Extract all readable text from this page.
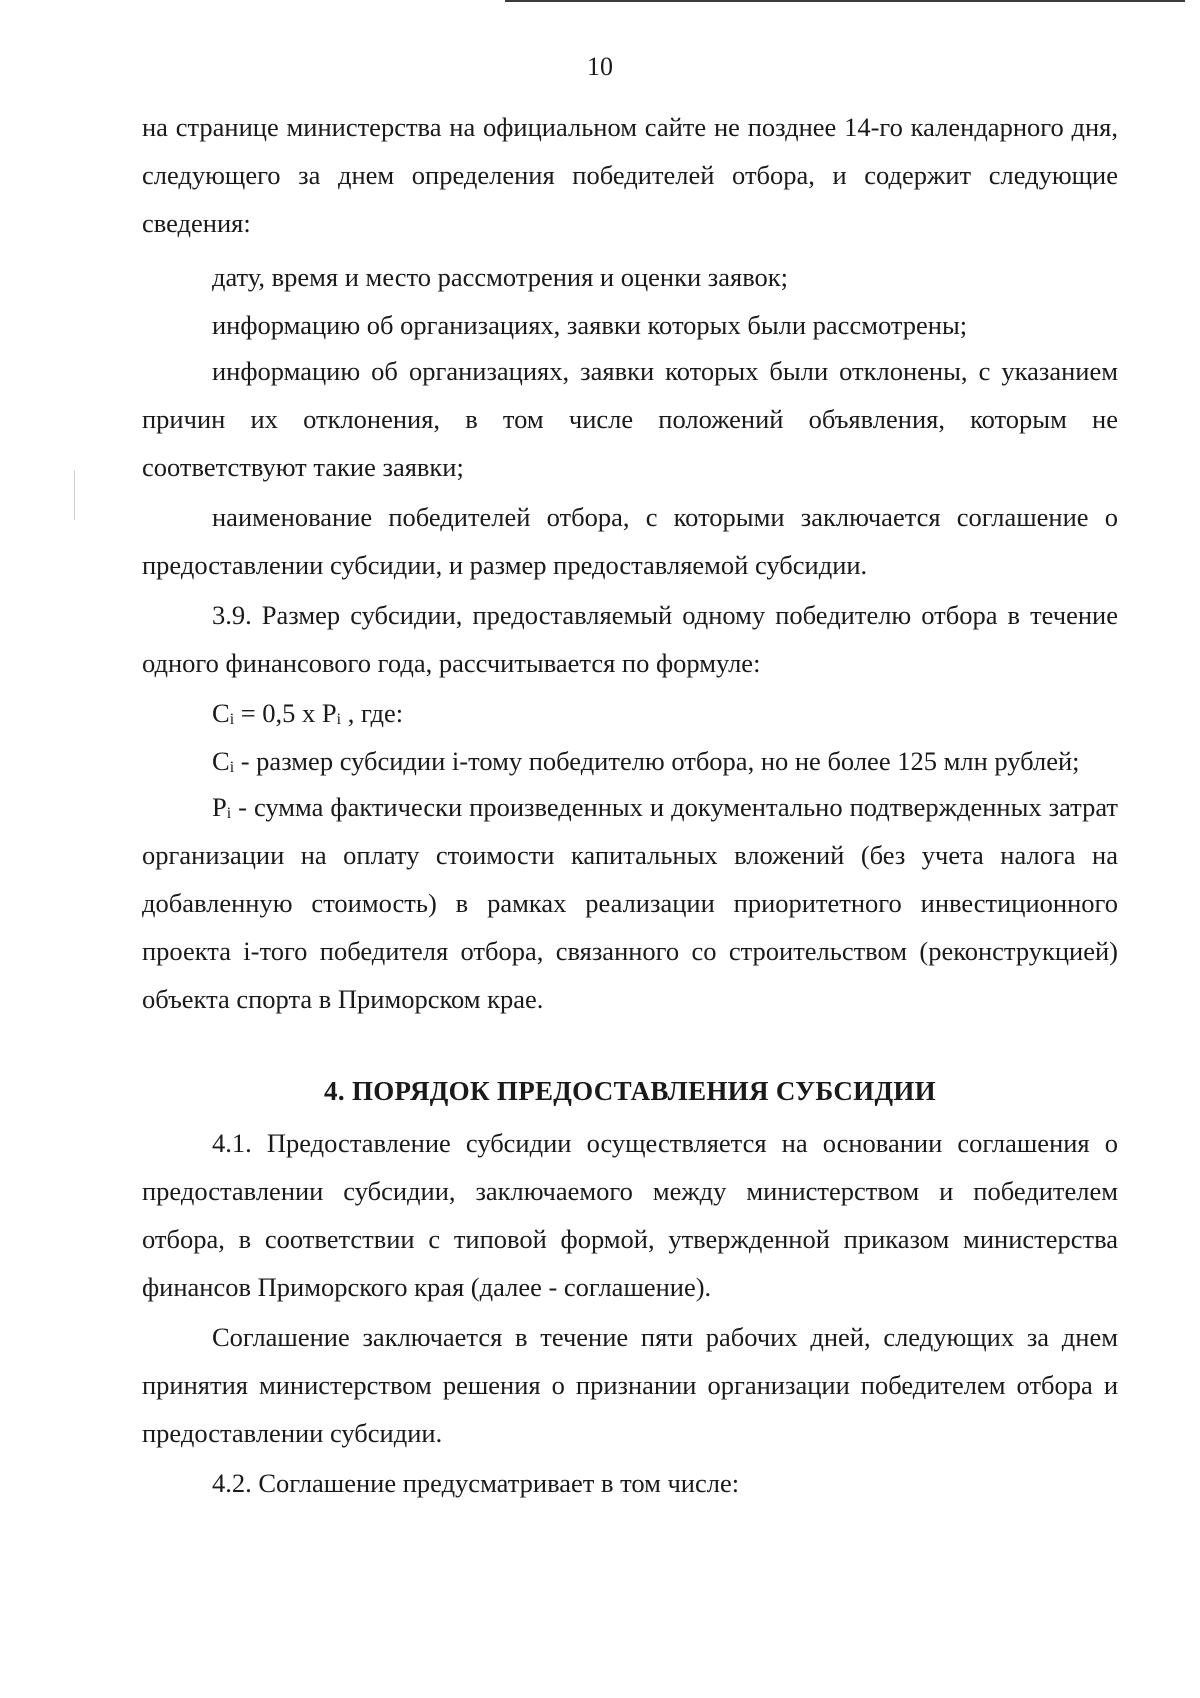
10

на странице министерства на официальном сайте не позднее 14-го календарного дня, следующего за днем определения победителей отбора, и содержит следующие сведения:

дату, время и место рассмотрения и оценки заявок;

информацию об организациях, заявки которых были рассмотрены;

информацию об организациях, заявки которых были отклонены, с указанием причин их отклонения, в том числе положений объявления, которым не соответствуют такие заявки;

наименование победителей отбора, с которыми заключается соглашение о предоставлении субсидии, и размер предоставляемой субсидии.

3.9. Размер субсидии, предоставляемый одному победителю отбора в течение одного финансового года, рассчитывается по формуле:

$C_i = 0,5$ x $P_i$ , где:

$C_i$ - размер субсидии i-тому победителю отбора, но не более 125 млн рублей;

$P_i$ - сумма фактически произведенных и документально подтвержденных затрат организации на оплату стоимости капитальных вложений (без учета налога на добавленную стоимость) в рамках реализации приоритетного инвестиционного проекта i-того победителя отбора, связанного со строительством (реконструкцией) объекта спорта в Приморском крае.

4. ПОРЯДОК ПРЕДОСТАВЛЕНИЯ СУБСИДИИ

4.1. Предоставление субсидии осуществляется на основании соглашения о предоставлении субсидии, заключаемого между министерством и победителем отбора, в соответствии с типовой формой, утвержденной приказом министерства финансов Приморского края (далее - соглашение).

Соглашение заключается в течение пяти рабочих дней, следующих за днем принятия министерством решения о признании организации победителем отбора и предоставлении субсидии.

4.2. Соглашение предусматривает в том числе:
